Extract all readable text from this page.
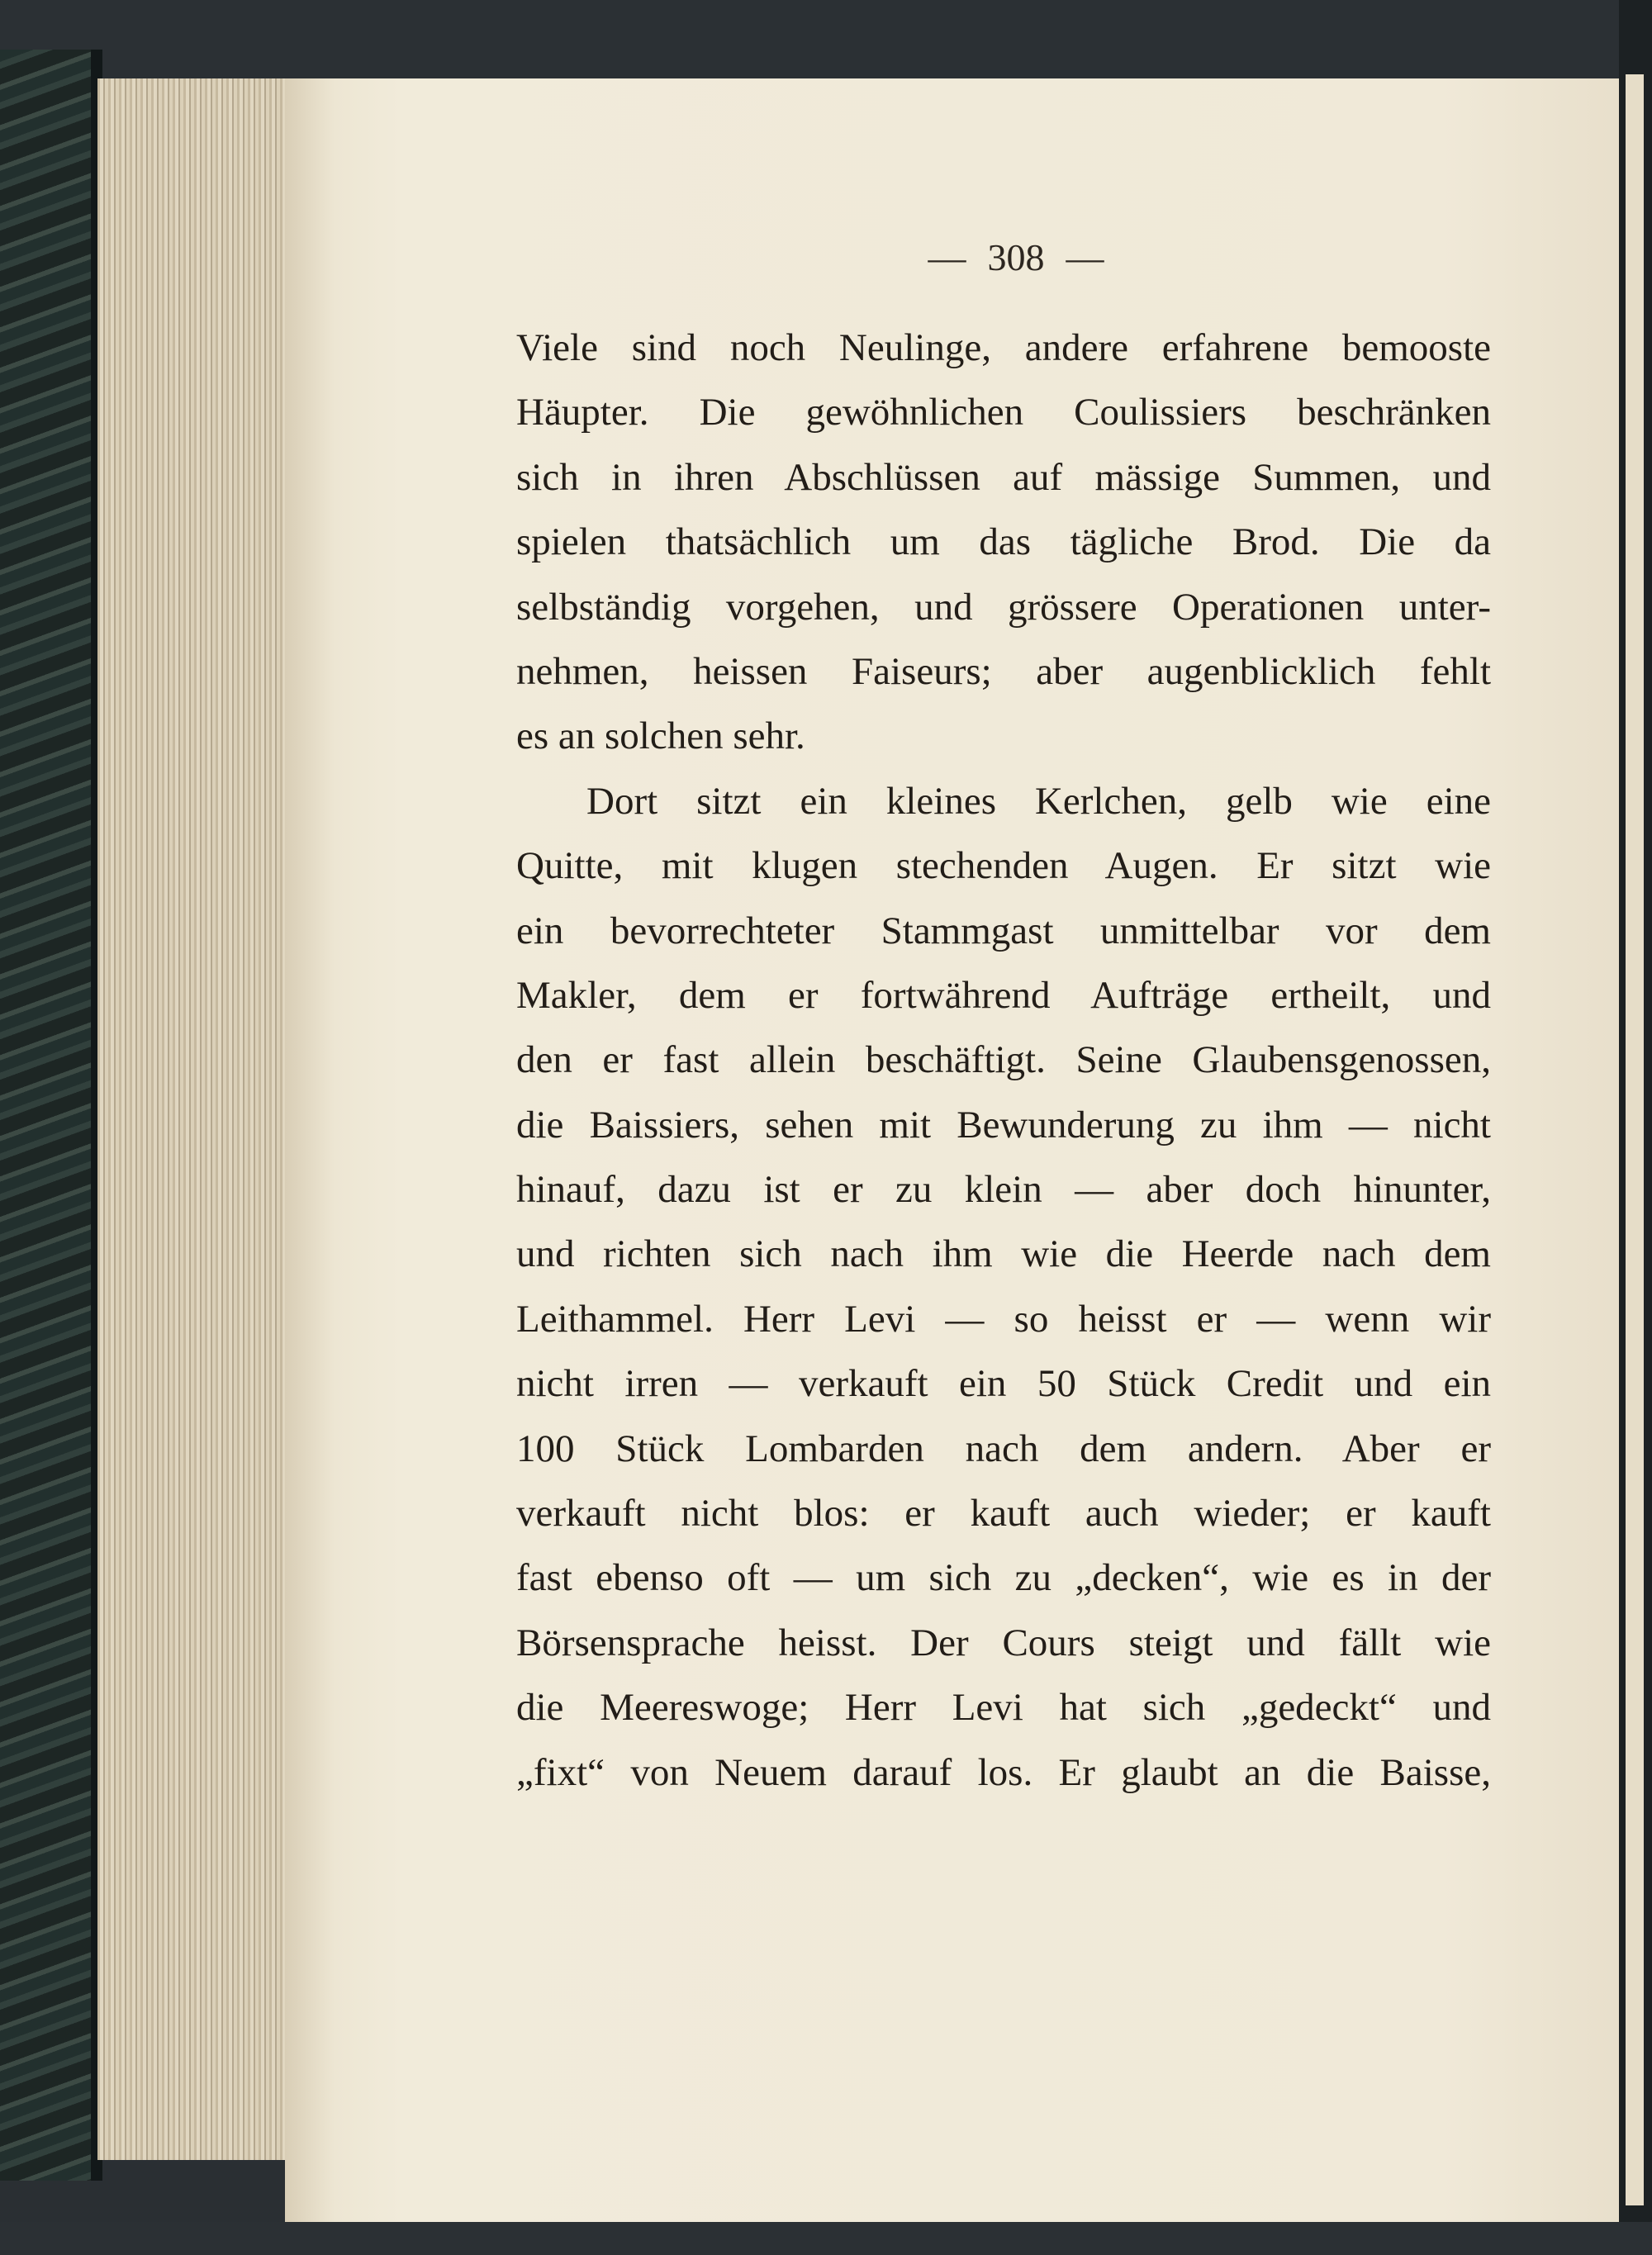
— 308 —
Viele sind noch Neulinge, andere erfahrene bemooste
Häupter. Die gewöhnlichen Coulissiers beschränken
sich in ihren Abschlüssen auf mässige Summen, und
spielen thatsächlich um das tägliche Brod. Die da
selbständig vorgehen, und grössere Operationen unter-
nehmen, heissen Faiseurs; aber augenblicklich fehlt
es an solchen sehr.
Dort sitzt ein kleines Kerlchen, gelb wie eine
Quitte, mit klugen stechenden Augen. Er sitzt wie
ein bevorrechteter Stammgast unmittelbar vor dem
Makler, dem er fortwährend Aufträge ertheilt, und
den er fast allein beschäftigt. Seine Glaubensgenossen,
die Baissiers, sehen mit Bewunderung zu ihm — nicht
hinauf, dazu ist er zu klein — aber doch hinunter,
und richten sich nach ihm wie die Heerde nach dem
Leithammel. Herr Levi — so heisst er — wenn wir
nicht irren — verkauft ein 50 Stück Credit und ein
100 Stück Lombarden nach dem andern. Aber er
verkauft nicht blos: er kauft auch wieder; er kauft
fast ebenso oft — um sich zu „decken“, wie es in der
Börsensprache heisst. Der Cours steigt und fällt wie
die Meereswoge; Herr Levi hat sich „gedeckt“ und
„fixt“ von Neuem darauf los. Er glaubt an die Baisse,
